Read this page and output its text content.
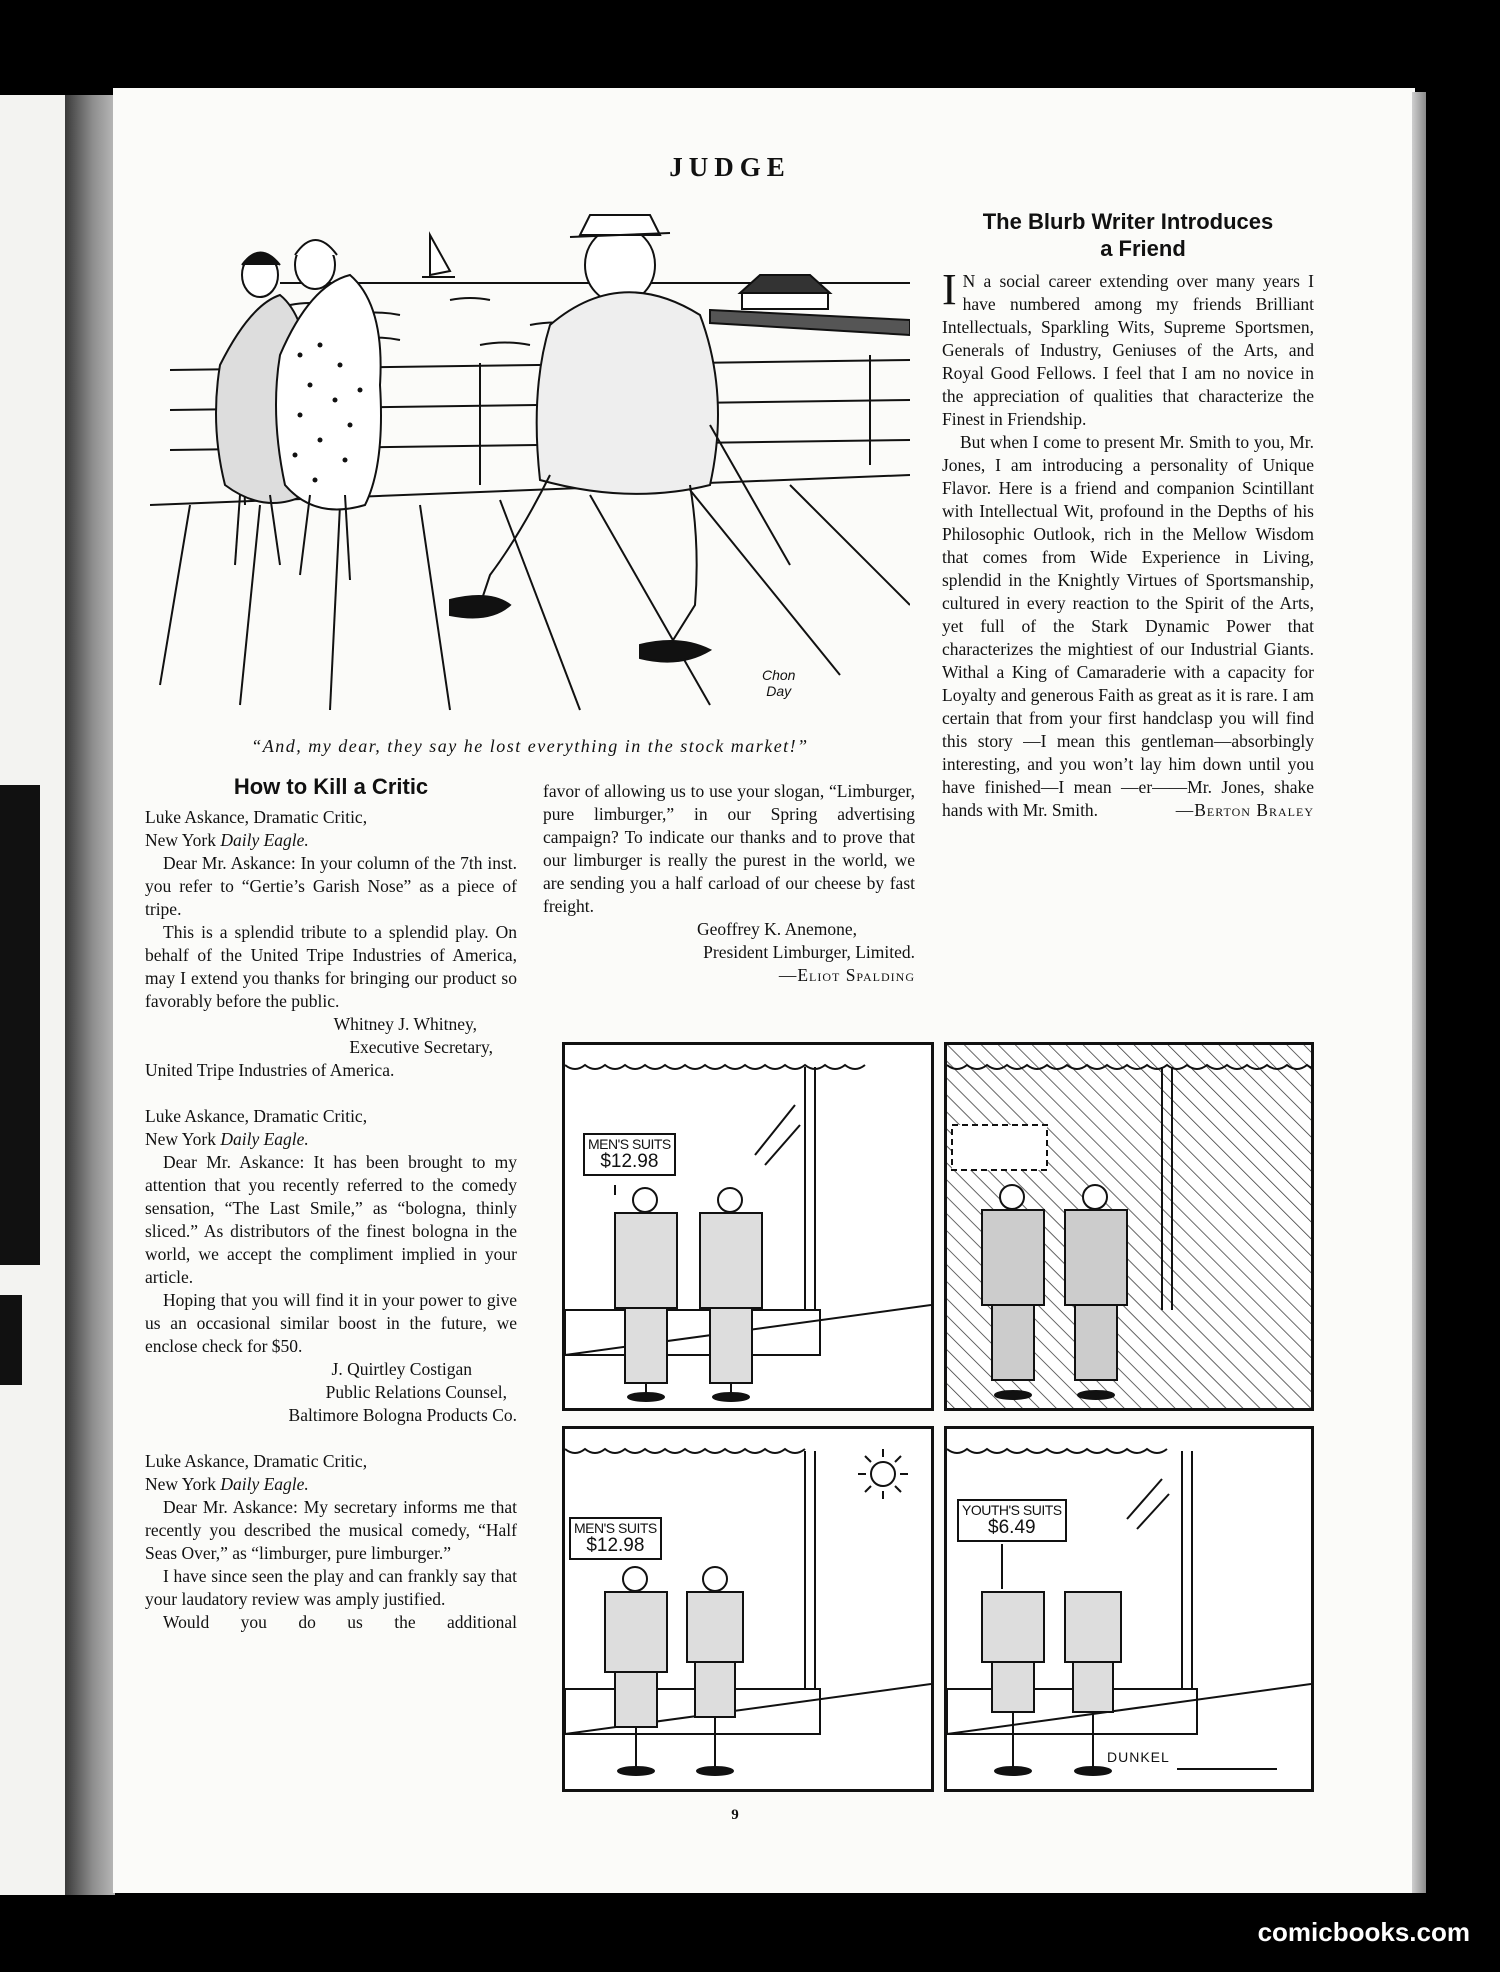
JUDGE
Chon
Day
“And, my dear, they say he lost everything in the stock market!”
How to Kill a Critic

Luke Askance, Dramatic Critic,

New York Daily Eagle.

Dear Mr. Askance: In your column of the 7th inst. you refer to “Gertie’s Garish Nose” as a piece of tripe.

This is a splendid tribute to a splendid play. On behalf of the United Tripe Industries of America, may I extend you thanks for bringing our product so favorably before the public.

Whitney J. Whitney,

Executive Secretary,

United Tripe Industries of America.

Luke Askance, Dramatic Critic,

New York Daily Eagle.

Dear Mr. Askance: It has been brought to my attention that you recently referred to the comedy sensation, “The Last Smile,” as “bologna, thinly sliced.” As distributors of the finest bologna in the world, we accept the compliment implied in your article.

Hoping that you will find it in your power to give us an occasional similar boost in the future, we enclose check for $50.

J. Quirtley Costigan

Public Relations Counsel,

Baltimore Bologna Products Co.

Luke Askance, Dramatic Critic,

New York Daily Eagle.

Dear Mr. Askance: My secretary informs me that recently you described the musical comedy, “Half Seas Over,” as “limburger, pure limburger.”

I have since seen the play and can frankly say that your laudatory review was amply justified.

Would you do us the additional

favor of allowing us to use your slogan, “Limburger, pure limburger,” in our Spring advertising campaign? To indicate our thanks and to prove that our limburger is really the purest in the world, we are sending you a half carload of our cheese by fast freight.

Geoffrey K. Anemone,

President Limburger, Limited.

—Eliot Spalding

The Blurb Writer Introduces
a Friend

I N a social career extending over many years I have numbered among my friends Brilliant Intellectuals, Sparkling Wits, Supreme Sportsmen, Generals of Industry, Geniuses of the Arts, and Royal Good Fellows. I feel that I am no novice in the appreciation of qualities that characterize the Finest in Friendship.

But when I come to present Mr. Smith to you, Mr. Jones, I am introducing a personality of Unique Flavor. Here is a friend and companion Scintillant with Intellectual Wit, profound in the Depths of his Philosophic Outlook, rich in the Mellow Wisdom that comes from Wide Experience in Living, splendid in the Knightly Virtues of Sportsmanship, cultured in every reaction to the Spirit of the Arts, yet full of the Stark Dynamic Power that characterizes the mightiest of our Industrial Giants. Withal a King of Camaraderie with a capacity for Loyalty and generous Faith as great as it is rare. I am certain that from your first handclasp you will find this story —I mean this gentleman—absorbingly interesting, and you won’t lay him down until you have finished—I mean —er——Mr. Jones, shake hands with Mr. Smith.	—Berton Braley

MEN'S SUITS
$12.98
MEN'S SUITS
$12.98
YOUTH'S SUITS
$6.49
DUNKEL
9
comicbooks.com
